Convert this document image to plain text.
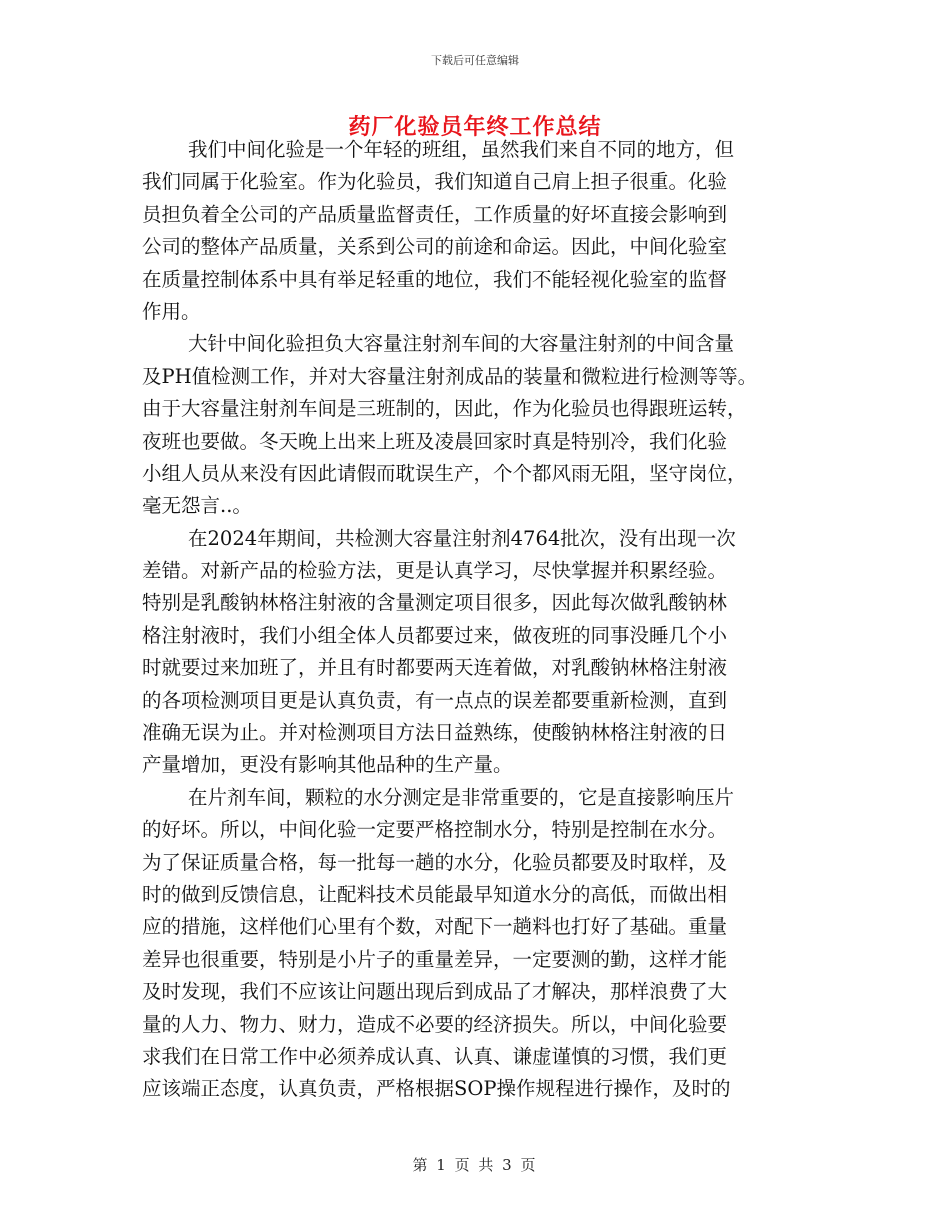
下载后可任意编辑
药厂化验员年终工作总结
我们中间化验是一个年轻的班组，虽然我们来自不同的地方，但
我们同属于化验室。作为化验员，我们知道自己肩上担子很重。化验
员担负着全公司的产品质量监督责任，工作质量的好坏直接会影响到
公司的整体产品质量，关系到公司的前途和命运。因此，中间化验室
在质量控制体系中具有举足轻重的地位，我们不能轻视化验室的监督
作用。
大针中间化验担负大容量注射剂车间的大容量注射剂的中间含量
及PH值检测工作，并对大容量注射剂成品的装量和微粒进行检测等等。
由于大容量注射剂车间是三班制的，因此，作为化验员也得跟班运转，
夜班也要做。冬天晚上出来上班及凌晨回家时真是特别冷，我们化验
小组人员从来没有因此请假而耽误生产，个个都风雨无阻，坚守岗位，
毫无怨言..。
在2024年期间，共检测大容量注射剂4764批次，没有出现一次
差错。对新产品的检验方法，更是认真学习，尽快掌握并积累经验。
特别是乳酸钠林格注射液的含量测定项目很多，因此每次做乳酸钠林
格注射液时，我们小组全体人员都要过来，做夜班的同事没睡几个小
时就要过来加班了，并且有时都要两天连着做，对乳酸钠林格注射液
的各项检测项目更是认真负责，有一点点的误差都要重新检测，直到
准确无误为止。并对检测项目方法日益熟练，使酸钠林格注射液的日
产量增加，更没有影响其他品种的生产量。
在片剂车间，颗粒的水分测定是非常重要的，它是直接影响压片
的好坏。所以，中间化验一定要严格控制水分，特别是控制在水分。
为了保证质量合格，每一批每一趟的水分，化验员都要及时取样，及
时的做到反馈信息，让配料技术员能最早知道水分的高低，而做出相
应的措施，这样他们心里有个数，对配下一趟料也打好了基础。重量
差异也很重要，特别是小片子的重量差异，一定要测的勤，这样才能
及时发现，我们不应该让问题出现后到成品了才解决，那样浪费了大
量的人力、物力、财力，造成不必要的经济损失。所以，中间化验要
求我们在日常工作中必须养成认真、认真、谦虚谨慎的习惯，我们更
应该端正态度，认真负责，严格根据SOP操作规程进行操作，及时的
第 1 页 共 3 页
